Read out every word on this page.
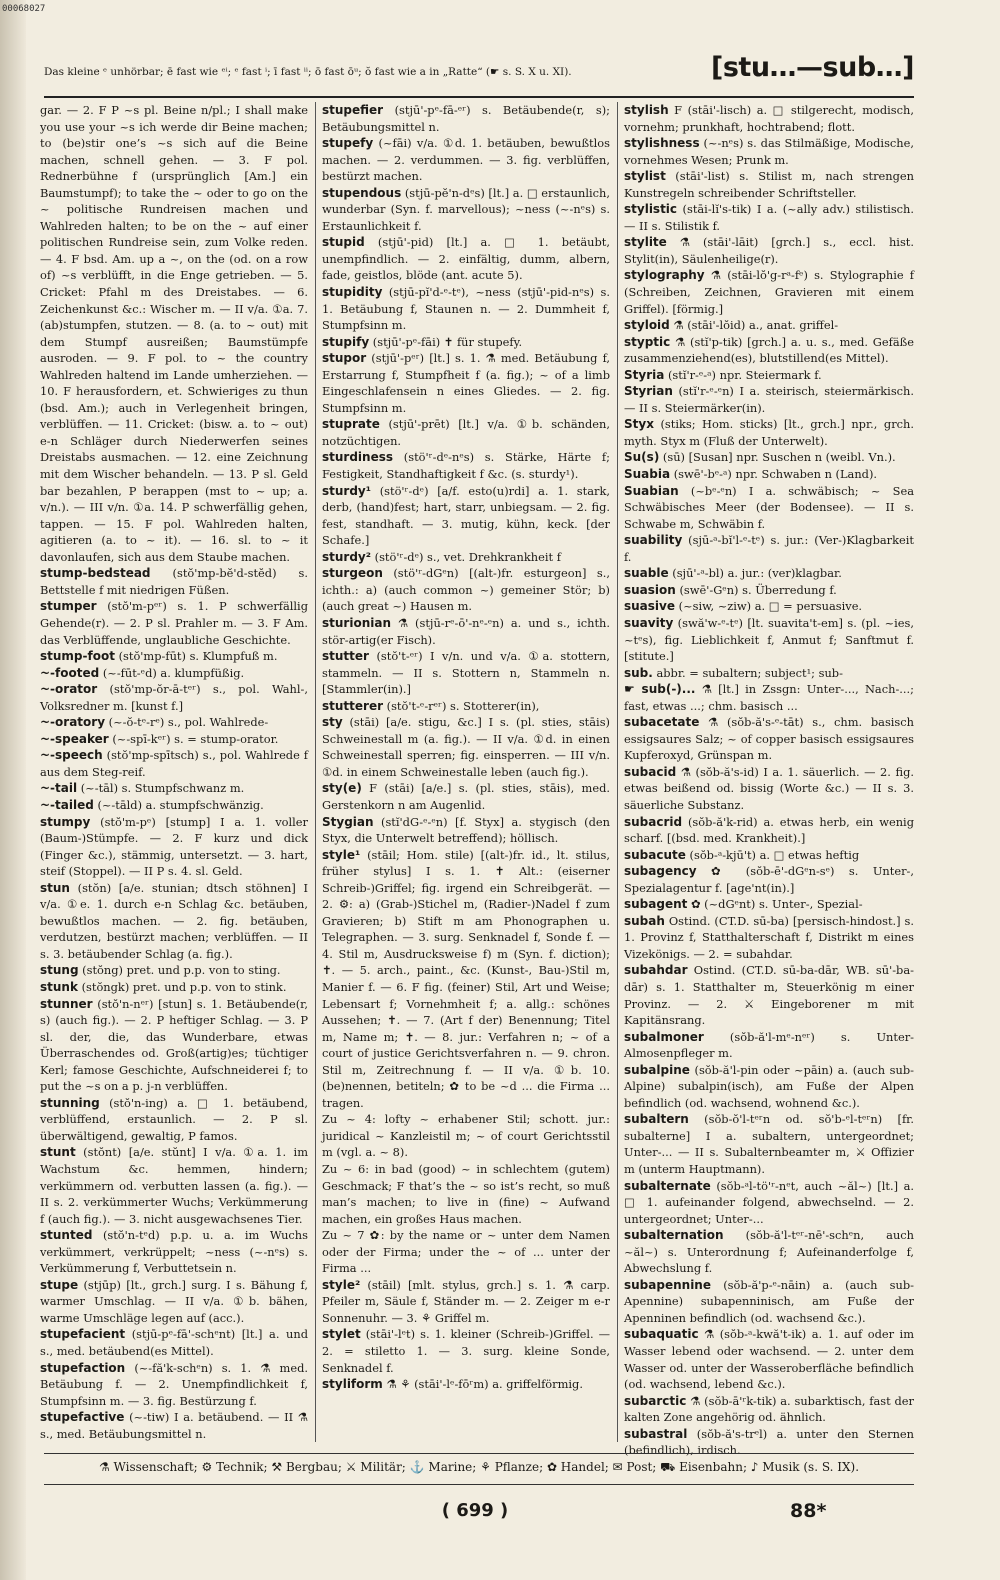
00068027
Das kleine ᵉ unhörbar; ē fast wie ᵉⁱ; ᵉ fast ⁱ; ī fast ⁱⁱ; ō fast ōᵘ; ŏ fast wie a in „Ratte“ (☛ s. S. X u. XI).	[stu…—sub…]

gar. — 2. F P ~s pl. Beine n/pl.; I shall make you use your ~s ich werde dir Beine machen; to (be)stir one’s ~s sich auf die Beine machen, schnell gehen. — 3. F pol. Rednerbühne f (ursprünglich [Am.] ein Baumstumpf); to take the ~ oder to go on the ~ politische Rundreisen machen und Wahlreden halten; to be on the ~ auf einer politischen Rundreise sein, zum Volke reden. — 4. F bsd. Am. up a ~, on the (od. on a row of) ~s verblüfft, in die Enge getrieben. — 5. Cricket: Pfahl m des Dreistabes. — 6. Zeichenkunst &c.: Wischer m. — II v/a. ①a. 7. (ab)stumpfen, stutzen. — 8. (a. to ~ out) mit dem Stumpf ausreißen; Baumstümpfe ausroden. — 9. F pol. to ~ the country Wahlreden haltend im Lande umherziehen. — 10. F herausfordern, et. Schwieriges zu thun (bsd. Am.); auch in Verlegenheit bringen, verblüffen. — 11. Cricket: (bisw. a. to ~ out) e-n Schläger durch Niederwerfen seines Dreistabs ausmachen. — 12. eine Zeichnung mit dem Wischer behandeln. — 13. P sl. Geld bar bezahlen, P berappen (mst to ~ up; a. v/n.). — III v/n. ①a. 14. P schwerfällig gehen, tappen. — 15. F pol. Wahlreden halten, agitieren (a. to ~ it). — 16. sl. to ~ it davonlaufen, sich aus dem Staube machen.

stump-bedstead (stŏ'mp-bĕ'd-stĕd) s. Bettstelle f mit niedrigen Füßen.

stumper (stŏ'm-pᵉʳ) s. 1. P schwerfällig Gehende(r). — 2. P sl. Prahler m. — 3. F Am. das Verblüffende, unglaubliche Geschichte.

stump-foot (stŏ'mp-fūt) s. Klumpfuß m.

~-footed (~-fūt-ᵉd) a. klumpfüßig.

~-orator (stŏ'mp-ŏr-ā-tᵉʳ) s., pol. Wahl-, Volksredner m. [kunst f.]

~-oratory (~-ŏ-tᵉ-rᵉ) s., pol. Wahlrede-

~-speaker (~-spī-kᵉʳ) s. = stump-orator.

~-speech (stŏ'mp-spītsch) s., pol. Wahlrede f aus dem Steg-reif.

~-tail (~-tāl) s. Stumpfschwanz m.

~-tailed (~-tāld) a. stumpfschwänzig.

stumpy (stŏ'm-pᵉ) [stump] I a. 1. voller (Baum-)Stümpfe. — 2. F kurz und dick (Finger &c.), stämmig, untersetzt. — 3. hart, steif (Stoppel). — II P s. 4. sl. Geld.

stun (stŏn) [a/e. stunian; dtsch stöhnen] I v/a. ①e. 1. durch e-n Schlag &c. betäuben, bewußtlos machen. — 2. fig. betäuben, verdutzen, bestürzt machen; verblüffen. — II s. 3. betäubender Schlag (a. fig.).

stung (stŏng) pret. und p.p. von to sting.

stunk (stŏngk) pret. und p.p. von to stink.

stunner (stŏ'n-nᵉʳ) [stun] s. 1. Betäubende(r, s) (auch fig.). — 2. P heftiger Schlag. — 3. P sl. der, die, das Wunderbare, etwas Überraschendes od. Groß(artig)es; tüchtiger Kerl; famose Geschichte, Aufschneiderei f; to put the ~s on a p. j-n verblüffen.

stunning (stŏ'n-ing) a. □ 1. betäubend, verblüffend, erstaunlich. — 2. P sl. überwältigend, gewaltig, P famos.

stunt (stŏnt) [a/e. stŭnt] I v/a. ①a. 1. im Wachstum &c. hemmen, hindern; verkümmern od. verbutten lassen (a. fig.). — II s. 2. verkümmerter Wuchs; Verkümmerung f (auch fig.). — 3. nicht ausgewachsenes Tier.

stunted (stŏ'n-tᵉd) p.p. u. a. im Wuchs verkümmert, verkrüppelt; ~ness (~-nᵉs) s. Verkümmerung f, Verbuttetsein n.

stupe (stjūp) [lt., grch.] surg. I s. Bähung f, warmer Umschlag. — II v/a. ①b. bähen, warme Umschläge legen auf (acc.).

stupefacient (stjū-pᵉ-fā'-schᵉnt) [lt.] a. und s., med. betäubend(es Mittel).

stupefaction (~-fă'k-schᵉn) s. 1. ⚗ med. Betäubung f. — 2. Unempfindlichkeit f, Stumpfsinn m. — 3. fig. Bestürzung f.

stupefactive (~-tiw) I a. betäubend. — II ⚗ s., med. Betäubungsmittel n.

stupefier (stjū'-pᵉ-fā-ᵉʳ) s. Betäubende(r, s); Betäubungsmittel n.

stupefy (~fāi) v/a. ①d. 1. betäuben, bewußtlos machen. — 2. verdummen. — 3. fig. verblüffen, bestürzt machen.

stupendous (stjū-pĕ'n-dᵉs) [lt.] a. □ erstaunlich, wunderbar (Syn. f. marvellous); ~ness (~-nᵉs) s. Erstaunlichkeit f.

stupid (stjū'-pid) [lt.] a. □ 1. betäubt, unempfindlich. — 2. einfältig, dumm, albern, fade, geistlos, blöde (ant. acute 5).

stupidity (stjū-pĭ'd-ᵉ-tᵉ), ~ness (stjū'-pid-nᵉs) s. 1. Betäubung f, Staunen n. — 2. Dummheit f, Stumpfsinn m.

stupify (stjū'-pᵉ-fāi) ✝ für stupefy.

stupor (stjū'-pᵉʳ) [lt.] s. 1. ⚗ med. Betäubung f, Erstarrung f, Stumpfheit f (a. fig.); ~ of a limb Eingeschlafensein n eines Gliedes. — 2. fig. Stumpfsinn m.

stuprate (stjū'-prēt) [lt.] v/a. ①b. schänden, notzüchtigen.

sturdiness (stö'ʳ-dᵉ-nᵉs) s. Stärke, Härte f; Festigkeit, Standhaftigkeit f &c. (s. sturdy¹).

sturdy¹ (stö'ʳ-dᵉ) [a/f. esto(u)rdi] a. 1. stark, derb, (hand)fest; hart, starr, unbiegsam. — 2. fig. fest, standhaft. — 3. mutig, kühn, keck. [der Schafe.]

sturdy² (stö'ʳ-dᵉ) s., vet. Drehkrankheit f

sturgeon (stö'ʳ-dGᵉn) [(alt-)fr. esturgeon] s., ichth.: a) (auch common ~) gemeiner Stör; b) (auch great ~) Hausen m.

sturionian ⚗ (stjū-rᵉ-ō'-nᵉ-ᵉn) a. und s., ichth. stör-artig(er Fisch).

stutter (stŏ't-ᵉʳ) I v/n. und v/a. ①a. stottern, stammeln. — II s. Stottern n, Stammeln n. [Stammler(in).]

stutterer (stŏ't-ᵉ-rᵉʳ) s. Stotterer(in),

sty (stāi) [a/e. stigu, &c.] I s. (pl. sties, stāis) Schweinestall m (a. fig.). — II v/a. ①d. in einen Schweinestall sperren; fig. einsperren. — III v/n. ①d. in einem Schweinestalle leben (auch fig.).

sty(e) F (stāi) [a/e.] s. (pl. sties, stāis), med. Gerstenkorn n am Augenlid.

Stygian (stĭ'dG-ᵉ-ᵉn) [f. Styx] a. stygisch (den Styx, die Unterwelt betreffend); höllisch.

style¹ (stāil; Hom. stile) [(alt-)fr. id., lt. stilus, früher stylus] I s. 1. ✝ Alt.: (eiserner Schreib-)Griffel; fig. irgend ein Schreibgerät. — 2. ⚙: a) (Grab-)Stichel m, (Radier-)Nadel f zum Gravieren; b) Stift m am Phonographen u. Telegraphen. — 3. surg. Senknadel f, Sonde f. — 4. Stil m, Ausdrucksweise f) m (Syn. f. diction); ✝. — 5. arch., paint., &c. (Kunst-, Bau-)Stil m, Manier f. — 6. F fig. (feiner) Stil, Art und Weise; Lebensart f; Vornehmheit f; a. allg.: schönes Aussehen; ✝. — 7. (Art f der) Benennung; Titel m, Name m; ✝. — 8. jur.: Verfahren n; ~ of a court of justice Gerichtsverfahren n. — 9. chron. Stil m, Zeitrechnung f. — II v/a. ①b. 10. (be)nennen, betiteln; ✿ to be ~d ... die Firma ... tragen.

Zu ~ 4: lofty ~ erhabener Stil; schott. jur.: juridical ~ Kanzleistil m; ~ of court Gerichtsstil m (vgl. a. ~ 8).

Zu ~ 6: in bad (good) ~ in schlechtem (gutem) Geschmack; F that’s the ~ so ist’s recht, so muß man’s machen; to live in (fine) ~ Aufwand machen, ein großes Haus machen.

Zu ~ 7 ✿: by the name or ~ unter dem Namen oder der Firma; under the ~ of ... unter der Firma ...

style² (stāil) [mlt. stylus, grch.] s. 1. ⚗ carp. Pfeiler m, Säule f, Ständer m. — 2. Zeiger m e-r Sonnenuhr. — 3. ⚘ Griffel m.

stylet (stāi'-lᵉt) s. 1. kleiner (Schreib-)Griffel. — 2. = stiletto 1. — 3. surg. kleine Sonde, Senknadel f.

styliform ⚗ ⚘ (stāi'-lᵉ-fōʳm) a. griffelförmig.

stylish F (stāi'-lisch) a. □ stilgerecht, modisch, vornehm; prunkhaft, hochtrabend; flott.

stylishness (~-nᵉs) s. das Stilmäßige, Modische, vornehmes Wesen; Prunk m.

stylist (stāi'-list) s. Stilist m, nach strengen Kunstregeln schreibender Schriftsteller.

stylistic (stāi-lĭ's-tik) I a. (~ally adv.) stilistisch. — II s. Stilistik f.

stylite ⚗ (stāi'-lāit) [grch.] s., eccl. hist. Stylit(in), Säulenheilige(r).

stylography ⚗ (stāi-lŏ'g-rᵃ-fᵉ) s. Stylographie f (Schreiben, Zeichnen, Gravieren mit einem Griffel). [förmig.]

styloid ⚗ (stāi'-lŏid) a., anat. griffel-

styptic ⚗ (stĭ'p-tik) [grch.] a. u. s., med. Gefäße zusammenziehend(es), blutstillend(es Mittel).

Styria (stĭ'r-ᵉ-ᵃ) npr. Steiermark f.

Styrian (stĭ'r-ᵉ-ᵉn) I a. steirisch, steiermärkisch. — II s. Steiermärker(in).

Styx (stiks; Hom. sticks) [lt., grch.] npr., grch. myth. Styx m (Fluß der Unterwelt).

Su(s) (sū) [Susan] npr. Suschen n (weibl. Vn.).

Suabia (swē'-bᵉ-ᵃ) npr. Schwaben n (Land).

Suabian (~bᵉ-ᵉn) I a. schwäbisch; ~ Sea Schwäbisches Meer (der Bodensee). — II s. Schwabe m, Schwäbin f.

suability (sjū-ᵃ-bĭ'l-ᵉ-tᵉ) s. jur.: (Ver-)Klagbarkeit f.

suable (sjū'-ᵃ-bl) a. jur.: (ver)klagbar.

suasion (swē'-Gᵉn) s. Überredung f.

suasive (~siw, ~ziw) a. □ = persuasive.

suavity (swă'w-ᵉ-tᵉ) [lt. suavita't-em] s. (pl. ~ies, ~tᵉs), fig. Lieblichkeit f, Anmut f; Sanftmut f. [stitute.]

sub. abbr. = subaltern; subject¹; sub-

☛ sub(-)... ⚗ [lt.] in Zssgn: Unter-..., Nach-...; fast, etwas ...; chm. basisch ...

subacetate ⚗ (sŏb-ă's-ᵉ-tāt) s., chm. basisch essigsaures Salz; ~ of copper basisch essigsaures Kupferoxyd, Grünspan m.

subacid ⚗ (sŏb-ă's-id) I a. 1. säuerlich. — 2. fig. etwas beißend od. bissig (Worte &c.) — II s. 3. säuerliche Substanz.

subacrid (sŏb-ă'k-rid) a. etwas herb, ein wenig scharf. [(bsd. med. Krankheit).]

subacute (sŏb-ᵃ-kjū't) a. □ etwas heftig

subagency ✿ (sŏb-ē'-dGᵉn-sᵉ) s. Unter-, Spezialagentur f. [age'nt(in).]

subagent ✿ (~dGᵉnt) s. Unter-, Spezial-

subah Ostind. (CT.D. sū-ba) [persisch-hindost.] s. 1. Provinz f, Statthalterschaft f, Distrikt m eines Vizekönigs. — 2. = subahdar.

subahdar Ostind. (CT.D. sū-ba-dār, WB. sū'-ba-dār) s. 1. Statthalter m, Steuerkönig m einer Provinz. — 2. ⚔ Eingeborener m mit Kapitänsrang.

subalmoner (sŏb-ă'l-mᵉ-nᵉʳ) s. Unter-Almosenpfleger m.

subalpine (sŏb-ă'l-pin oder ~pāin) a. (auch sub-Alpine) subalpin(isch), am Fuße der Alpen befindlich (od. wachsend, wohnend &c.).

subaltern (sŏb-ŏ'l-tᵉʳn od. sŏ'b-ᵉl-tᵉʳn) [fr. subalterne] I a. subaltern, untergeordnet; Unter-... — II s. Subalternbeamter m, ⚔ Offizier m (unterm Hauptmann).

subalternate (sŏb-ᵃl-tö'ʳ-nᵉt, auch ~ăl~) [lt.] a. □ 1. aufeinander folgend, abwechselnd. — 2. untergeordnet; Unter-...

subalternation (sŏb-ă'l-tᵉʳ-nē'-schᵉn, auch ~ăl~) s. Unterordnung f; Aufeinanderfolge f, Abwechslung f.

subapennine (sŏb-ă'p-ᵉ-nāin) a. (auch sub-Apennine) subapenninisch, am Fuße der Apenninen befindlich (od. wachsend &c.).

subaquatic ⚗ (sŏb-ᵃ-kwă't-ik) a. 1. auf oder im Wasser lebend oder wachsend. — 2. unter dem Wasser od. unter der Wasseroberfläche befindlich (od. wachsend, lebend &c.).

subarctic ⚗ (sŏb-ā'ʳk-tik) a. subarktisch, fast der kalten Zone angehörig od. ähnlich.

subastral (sŏb-ă's-trᵉl) a. unter den Sternen (befindlich), irdisch.

⚗ Wissenschaft; ⚙ Technik; ⚒ Bergbau; ⚔ Militär; ⚓ Marine; ⚘ Pflanze; ✿ Handel; ✉ Post; ⛟ Eisenbahn; ♪ Musik (s. S. IX).
( 699 )	88*
